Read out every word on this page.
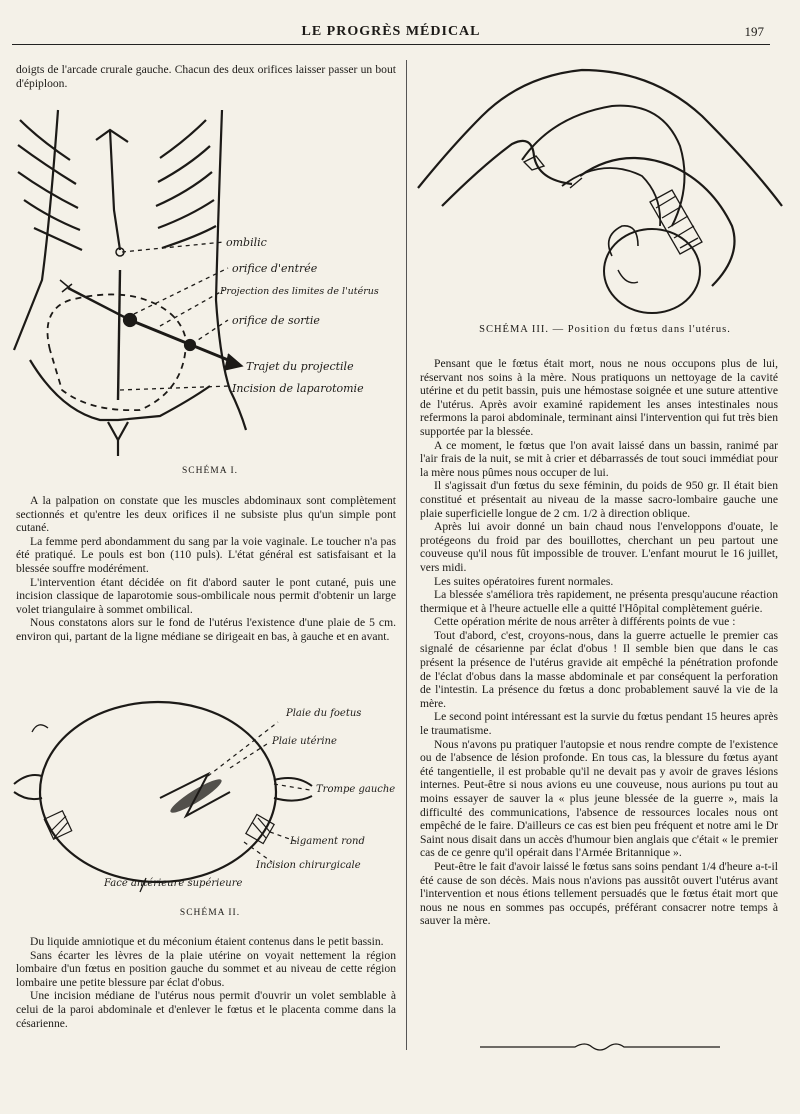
LE PROGRÈS MÉDICAL	197

doigts de l'arcade crurale gauche. Chacun des deux orifices laisser passer un bout d'épiploon.

ombilic
orifice d'entrée
Projection des limites de l'utérus
orifice de sortie
Trajet du projectile
Incision de laparotomie
SCHÉMA I.

A la palpation on constate que les muscles abdominaux sont complètement sectionnés et qu'entre les deux orifices il ne subsiste plus qu'un simple pont cutané.

La femme perd abondamment du sang par la voie vaginale. Le toucher n'a pas été pratiqué. Le pouls est bon (110 puls). L'état général est satisfaisant et la blessée souffre modérément.

L'intervention étant décidée on fit d'abord sauter le pont cutané, puis une incision classique de laparotomie sous-ombilicale nous permit d'obtenir un large volet triangulaire à sommet ombilical.

Nous constatons alors sur le fond de l'utérus l'existence d'une plaie de 5 cm. environ qui, partant de la ligne médiane se dirigeait en bas, à gauche et en avant.

Plaie du foetus
Plaie utérine
Trompe gauche
Ligament rond
Incision chirurgicale
Face antérieure supérieure
SCHÉMA II.

Du liquide amniotique et du méconium étaient contenus dans le petit bassin.

Sans écarter les lèvres de la plaie utérine on voyait nettement la région lombaire d'un fœtus en position gauche du sommet et au niveau de cette région lombaire une petite blessure par éclat d'obus.

Une incision médiane de l'utérus nous permit d'ouvrir un volet semblable à celui de la paroi abdominale et d'enlever le fœtus et le placenta comme dans la césarienne.

SCHÉMA III. — Position du fœtus dans l'utérus.

Pensant que le fœtus était mort, nous ne nous occupons plus de lui, réservant nos soins à la mère. Nous pratiquons un nettoyage de la cavité utérine et du petit bassin, puis une hémostase soignée et une suture attentive de l'utérus. Après avoir examiné rapidement les anses intestinales nous refermons la paroi abdominale, terminant ainsi l'intervention qui fut très bien supportée par la blessée.

A ce moment, le fœtus que l'on avait laissé dans un bassin, ranimé par l'air frais de la nuit, se mit à crier et débarrassés de tout souci immédiat pour la mère nous pûmes nous occuper de lui.

Il s'agissait d'un fœtus du sexe féminin, du poids de 950 gr. Il était bien constitué et présentait au niveau de la masse sacro-lombaire gauche une plaie superficielle longue de 2 cm. 1/2 à direction oblique.

Après lui avoir donné un bain chaud nous l'enveloppons d'ouate, le protégeons du froid par des bouillottes, cherchant un peu partout une couveuse qu'il nous fût impossible de trouver. L'enfant mourut le 16 juillet, vers midi.

Les suites opératoires furent normales.

La blessée s'améliora très rapidement, ne présenta presqu'aucune réaction thermique et à l'heure actuelle elle a quitté l'Hôpital complètement guérie.

Cette opération mérite de nous arrêter à différents points de vue :

Tout d'abord, c'est, croyons-nous, dans la guerre actuelle le premier cas signalé de césarienne par éclat d'obus ! Il semble bien que dans le cas présent la présence de l'utérus gravide ait empêché la pénétration profonde de l'éclat d'obus dans la masse abdominale et par conséquent la perforation de l'intestin. La présence du fœtus a donc probablement sauvé la vie de la mère.

Le second point intéressant est la survie du fœtus pendant 15 heures après le traumatisme.

Nous n'avons pu pratiquer l'autopsie et nous rendre compte de l'existence ou de l'absence de lésion profonde. En tous cas, la blessure du fœtus ayant été tangentielle, il est probable qu'il ne devait pas y avoir de graves lésions internes. Peut-être si nous avions eu une couveuse, nous aurions pu tout au moins essayer de sauver la « plus jeune blessée de la guerre », mais la difficulté des communications, l'absence de ressources locales nous ont empêché de le faire. D'ailleurs ce cas est bien peu fréquent et notre ami le Dr Saint nous disait dans un accès d'humour bien anglais que c'était « le premier cas de ce genre qu'il opérait dans l'Armée Britannique ».

Peut-être le fait d'avoir laissé le fœtus sans soins pendant 1/4 d'heure a-t-il été cause de son décès. Mais nous n'avions pas aussitôt ouvert l'utérus avant l'intervention et nous étions tellement persuadés que le fœtus était mort que nous ne nous en sommes pas occupés, préférant consacrer notre temps à sauver la mère.
